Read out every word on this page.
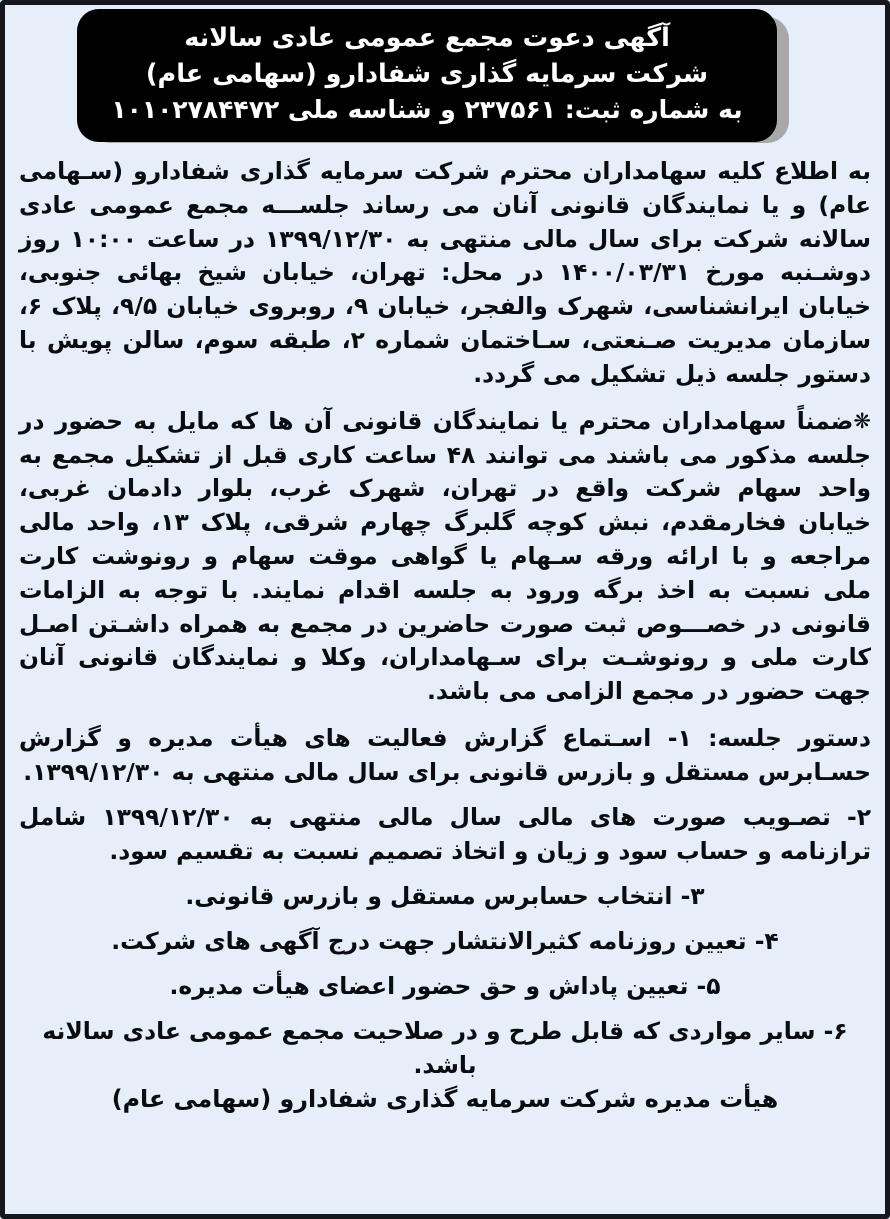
آگهی دعوت مجمع عمومی عادی سالانه
شرکت سرمایه گذاری شفادارو (سهامی عام)
به شماره ثبت: ۲۳۷۵۶۱ و شناسه ملی ۱۰۱۰۲۷۸۴۴۷۲

به اطلاع کلیه سهامداران محترم شرکت سرمایه گذاری شفادارو (سـهامی عام) و یا نمایندگان قانونی آنان می رساند جلســـه مجمع عمومی عادی سالانه شرکت برای سال مالی منتهی به ۱۳۹۹/۱۲/۳۰ در ساعت ۱۰:۰۰ روز دوشـنبه مورخ ۱۴۰۰/۰۳/۳۱ در محل: تهران، خیابان شیخ بهائی جنوبی، خیابان ایرانشناسی، شهرک والفجر، خیابان ۹، روبروی خیابان ۹/۵، پلاک ۶، سازمان مدیریت صـنعتی، سـاختمان شماره ۲، طبقه سوم، سالن پویش با دستور جلسه ذیل تشکیل می گردد.

❋ضمناً سهامداران محترم یا نمایندگان قانونی آن ها که مایل به حضور در جلسه مذکور می باشند می توانند ۴۸ ساعت کاری قبل از تشکیل مجمع به واحد سهام شرکت واقع در تهران، شهرک غرب، بلوار دادمان غربی، خیابان فخارمقدم، نبش کوچه گلبرگ چهارم شرقی، پلاک ۱۳، واحد مالی مراجعه و با ارائه ورقه سـهام یا گواهی موقت سهام و رونوشت کارت ملی نسبت به اخذ برگه ورود به جلسه اقدام نمایند. با توجه به الزامات قانونی در خصـــوص ثبت صورت حاضرین در مجمع به همراه داشـتن اصـل کارت ملی و رونوشـت برای سـهامداران، وکلا و نمایندگان قانونی آنان جهت حضور در مجمع الزامی می باشد.

دستور جلسه: ۱- اسـتماع گزارش فعالیت های هیأت مدیره و گزارش حسـابرس مستقل و بازرس قانونی برای سال مالی منتهی به ۱۳۹۹/۱۲/۳۰.
۲- تصـویب صورت های مالی سال مالی منتهی به ۱۳۹۹/۱۲/۳۰ شامل ترازنامه و حساب سود و زیان و اتخاذ تصمیم نسبت به تقسیم سود.
۳- انتخاب حسابرس مستقل و بازرس قانونی.
۴- تعیین روزنامه کثیرالانتشار جهت درج آگهی های شرکت.
۵- تعیین پاداش و حق حضور اعضای هیأت مدیره.
۶- سایر مواردی که قابل طرح و در صلاحیت مجمع عمومی عادی سالانه باشد.

هیأت مدیره شرکت سرمایه گذاری شفادارو (سهامی عام)
